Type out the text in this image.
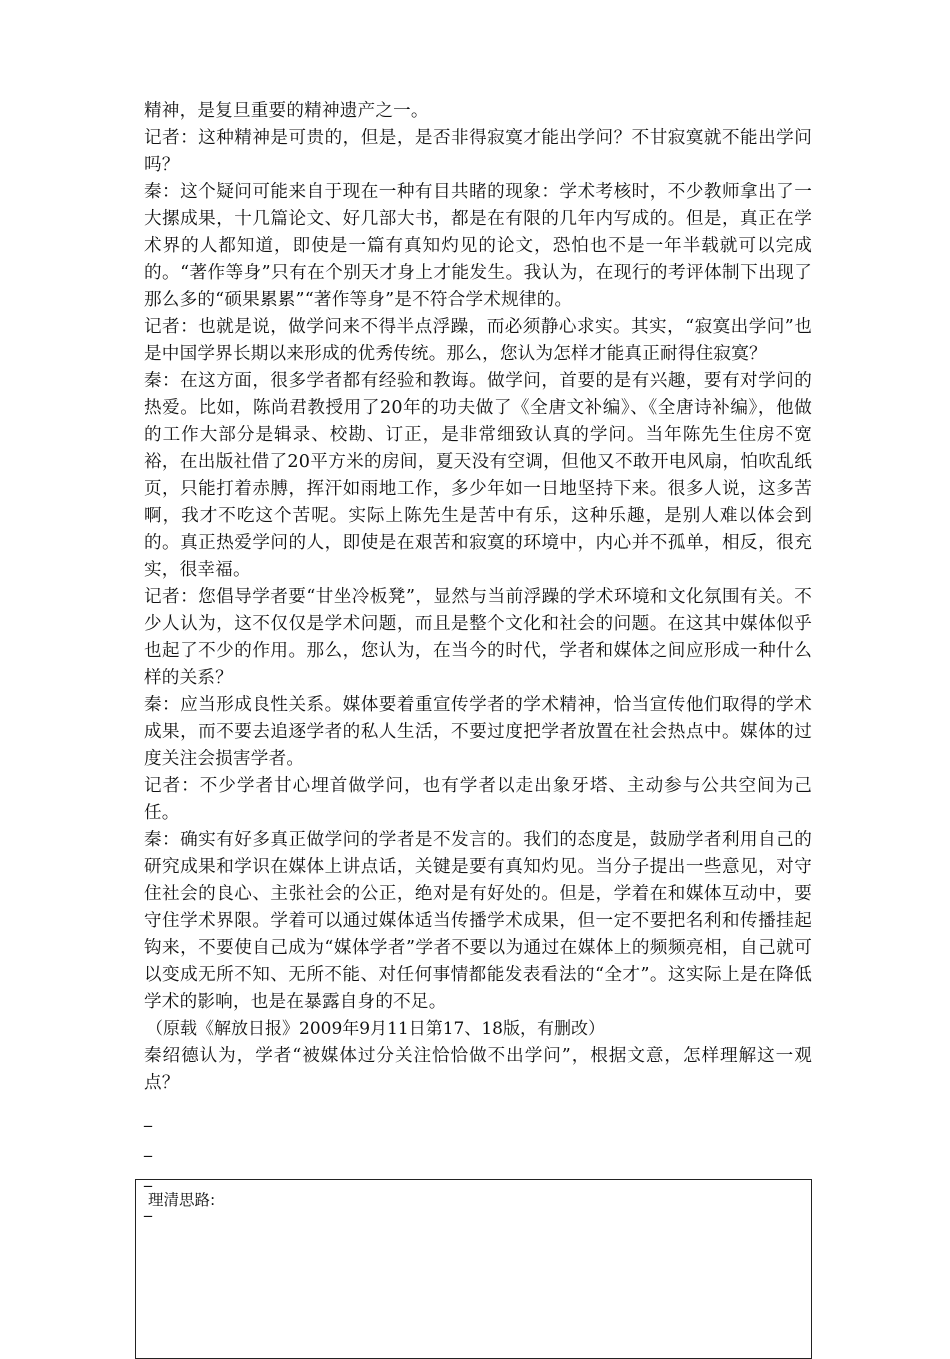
精神，是复旦重要的精神遗产之一。

记者：这种精神是可贵的，但是，是否非得寂寞才能出学问？不甘寂寞就不能出学问吗？

秦：这个疑问可能来自于现在一种有目共睹的现象：学术考核时，不少教师拿出了一大摞成果，十几篇论文、好几部大书，都是在有限的几年内写成的。但是，真正在学术界的人都知道，即使是一篇有真知灼见的论文，恐怕也不是一年半载就可以完成的。“著作等身”只有在个别天才身上才能发生。我认为，在现行的考评体制下出现了那么多的“硕果累累”“著作等身”是不符合学术规律的。

记者：也就是说，做学问来不得半点浮躁，而必须静心求实。其实，“寂寞出学问”也是中国学界长期以来形成的优秀传统。那么，您认为怎样才能真正耐得住寂寞？

秦：在这方面，很多学者都有经验和教诲。做学问，首要的是有兴趣，要有对学问的热爱。比如，陈尚君教授用了20年的功夫做了《全唐文补编》、《全唐诗补编》，他做的工作大部分是辑录、校勘、订正，是非常细致认真的学问。当年陈先生住房不宽裕，在出版社借了20平方米的房间，夏天没有空调，但他又不敢开电风扇，怕吹乱纸页，只能打着赤膊，挥汗如雨地工作，多少年如一日地坚持下来。很多人说，这多苦啊，我才不吃这个苦呢。实际上陈先生是苦中有乐，这种乐趣，是别人难以体会到的。真正热爱学问的人，即使是在艰苦和寂寞的环境中，内心并不孤单，相反，很充实，很幸福。

记者：您倡导学者要“甘坐冷板凳”，显然与当前浮躁的学术环境和文化氛围有关。不少人认为，这不仅仅是学术问题，而且是整个文化和社会的问题。在这其中媒体似乎也起了不少的作用。那么，您认为，在当今的时代，学者和媒体之间应形成一种什么样的关系？

秦：应当形成良性关系。媒体要着重宣传学者的学术精神，恰当宣传他们取得的学术成果，而不要去追逐学者的私人生活，不要过度把学者放置在社会热点中。媒体的过度关注会损害学者。

记者：不少学者甘心埋首做学问，也有学者以走出象牙塔、主动参与公共空间为己任。

秦：确实有好多真正做学问的学者是不发言的。我们的态度是，鼓励学者利用自己的研究成果和学识在媒体上讲点话，关键是要有真知灼见。当分子提出一些意见，对守住社会的良心、主张社会的公正，绝对是有好处的。但是，学着在和媒体互动中，要守住学术界限。学着可以通过媒体适当传播学术成果，但一定不要把名利和传播挂起钩来，不要使自己成为“媒体学者”学者不要以为通过在媒体上的频频亮相，自己就可以变成无所不知、无所不能、对任何事情都能发表看法的“全才”。这实际上是在降低学术的影响，也是在暴露自身的不足。

（原载《解放日报》2009年9月11日第17、18版，有删改）

秦绍德认为，学者“被媒体过分关注恰恰做不出学问”，根据文意，怎样理解这一观点？

_
_
_
_
理清思路:
